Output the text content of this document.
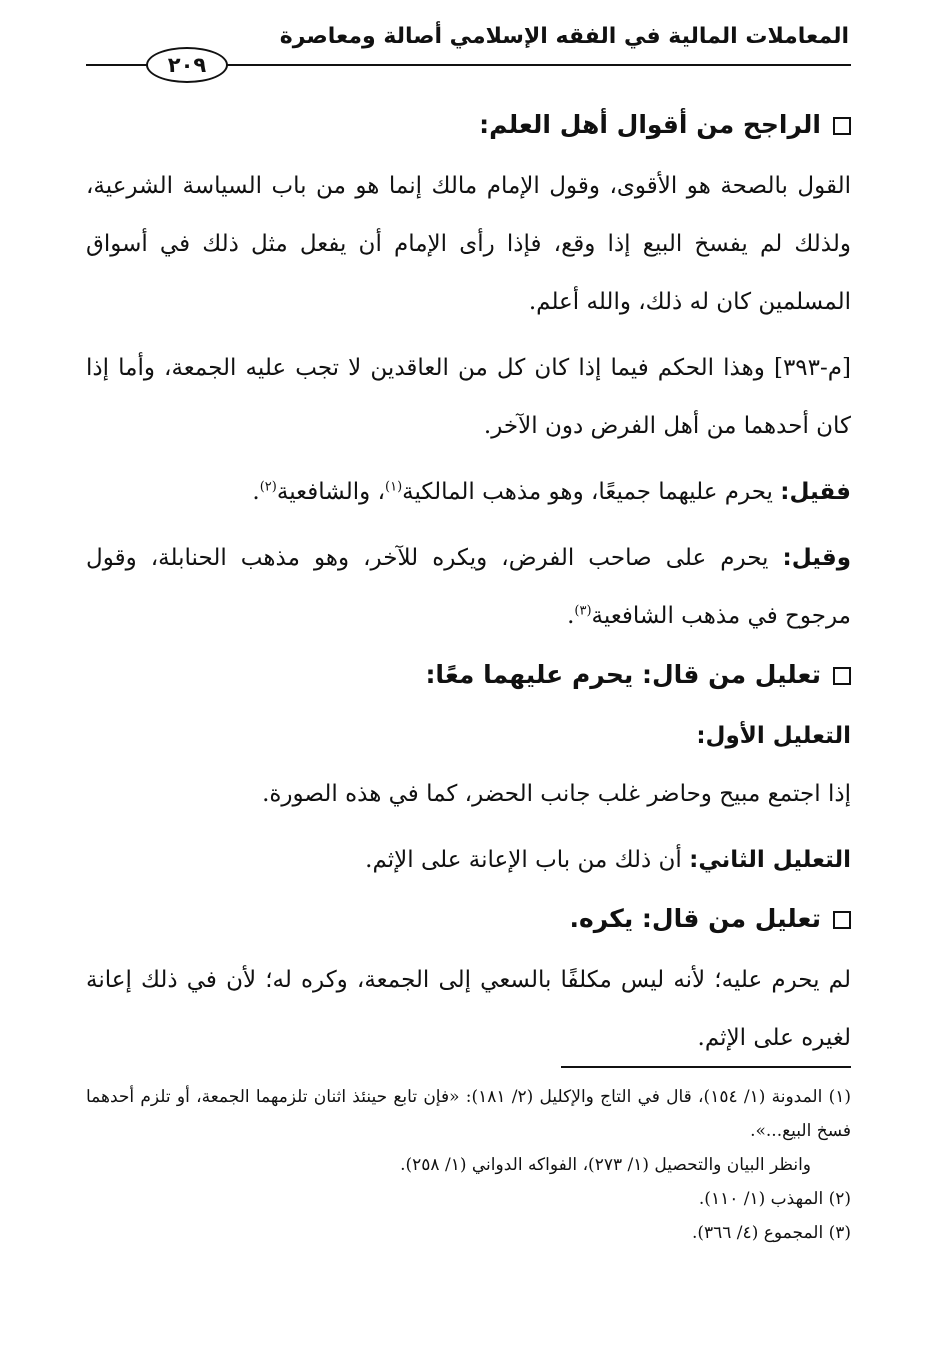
المعاملات المالية في الفقه الإسلامي أصالة ومعاصرة
٢٠٩
الراجح من أقوال أهل العلم:

القول بالصحة هو الأقوى، وقول الإمام مالك إنما هو من باب السياسة الشرعية، ولذلك لم يفسخ البيع إذا وقع، فإذا رأى الإمام أن يفعل مثل ذلك في أسواق المسلمين كان له ذلك، والله أعلم.

[م-٣٩٣] وهذا الحكم فيما إذا كان كل من العاقدين لا تجب عليه الجمعة، وأما إذا كان أحدهما من أهل الفرض دون الآخر.

فقيل: يحرم عليهما جميعًا، وهو مذهب المالكية$^{(١)}$، والشافعية$^{(٢)}$.

وقيل: يحرم على صاحب الفرض، ويكره للآخر، وهو مذهب الحنابلة، وقول مرجوح في مذهب الشافعية$^{(٣)}$.

تعليل من قال: يحرم عليهما معًا:

التعليل الأول:

إذا اجتمع مبيح وحاضر غلب جانب الحضر، كما في هذه الصورة.

التعليل الثاني: أن ذلك من باب الإعانة على الإثم.

تعليل من قال: يكره.

لم يحرم عليه؛ لأنه ليس مكلفًا بالسعي إلى الجمعة، وكره له؛ لأن في ذلك إعانة لغيره على الإثم.

(١) المدونة (١/ ١٥٤)، قال في التاج والإكليل (٢/ ١٨١): «فإن تابع حينئذ اثنان تلزمهما الجمعة، أو تلزم أحدهما فسخ البيع...».

وانظر البيان والتحصيل (١/ ٢٧٣)، الفواكه الدواني (١/ ٢٥٨).

(٢) المهذب (١/ ١١٠).

(٣) المجموع (٤/ ٣٦٦).
